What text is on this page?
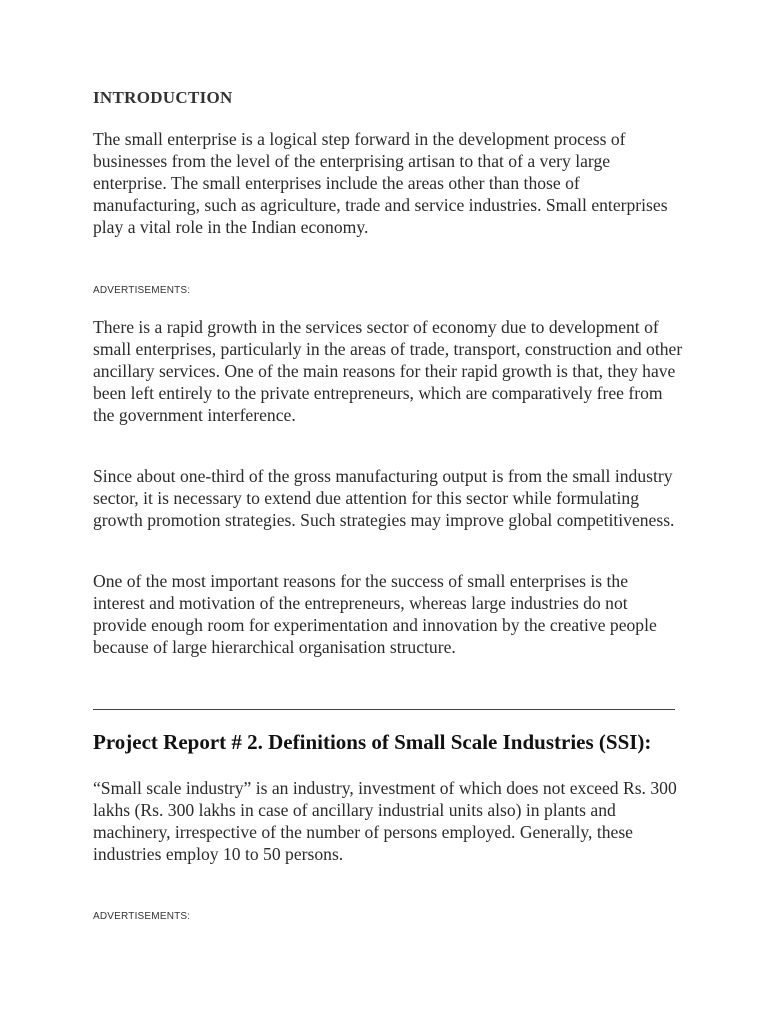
INTRODUCTION

The small enterprise is a logical step forward in the development process of businesses from the level of the enterprising artisan to that of a very large enterprise. The small enterprises include the areas other than those of manufacturing, such as agriculture, trade and service industries. Small enterprises play a vital role in the Indian economy.

ADVERTISEMENTS:

There is a rapid growth in the services sector of economy due to development of small enterprises, particularly in the areas of trade, transport, construction and other ancillary services. One of the main reasons for their rapid growth is that, they have been left entirely to the private entrepreneurs, which are comparatively free from the government interference.

Since about one-third of the gross manufacturing output is from the small industry sector, it is necessary to extend due attention for this sector while formulating growth promotion strategies. Such strategies may improve global competitiveness.

One of the most important reasons for the success of small enterprises is the interest and motivation of the entrepreneurs, whereas large industries do not provide enough room for experimentation and innovation by the creative people because of large hierarchical organisation structure.

Project Report # 2. Definitions of Small Scale Industries (SSI):

“Small scale industry” is an industry, investment of which does not exceed Rs. 300 lakhs (Rs. 300 lakhs in case of ancillary industrial units also) in plants and machinery, irrespective of the number of persons employed. Generally, these industries employ 10 to 50 persons.

ADVERTISEMENTS:
